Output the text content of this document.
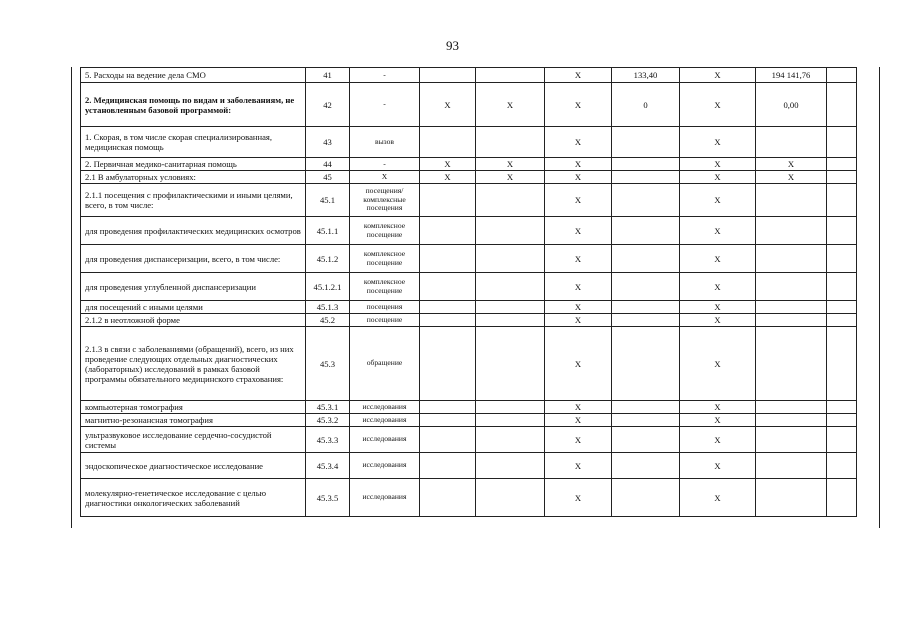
93
5. Расходы на ведение дела СМО	41	-			X	133,40	X	194 141,76	
2. Медицинская помощь по видам и заболеваниям, не установленным базовой программой:	42	-	X	X	X	0	X	0,00	
1. Скорая, в том числе скорая специализированная, медицинская помощь	43	вызов			X		X		
2. Первичная медико-санитарная помощь	44	-	X	X	X		X	X	
2.1 В амбулаторных условиях:	45	X	X	X	X		X	X	
2.1.1 посещения с профилактическими и иными целями, всего, в том числе:	45.1	посещения/ комплексные посещения			X		X		
для проведения профилактических медицинских осмотров	45.1.1	комплексное посещение			X		X		
для проведения диспансеризации, всего, в том числе:	45.1.2	комплексное посещение			X		X		
для проведения углубленной диспансеризации	45.1.2.1	комплексное посещение			X		X		
для посещений с иными целями	45.1.3	посещения			X		X		
2.1.2 в неотложной форме	45.2	посещение			X		X		
2.1.3 в связи с заболеваниями (обращений), всего, из них проведение следующих отдельных диагностических (лабораторных) исследований в рамках базовой программы обязательного медицинского страхования:	45.3	обращение			X		X		
компьютерная томография	45.3.1	исследования			X		X		
магнитно-резонансная томография	45.3.2	исследования			X		X		
ультразвуковое исследование сердечно-сосудистой системы	45.3.3	исследования			X		X		
эндоскопическое диагностическое исследование	45.3.4	исследования			X		X		
молекулярно-генетическое исследование с целью диагностики онкологических заболеваний	45.3.5	исследования			X		X		
